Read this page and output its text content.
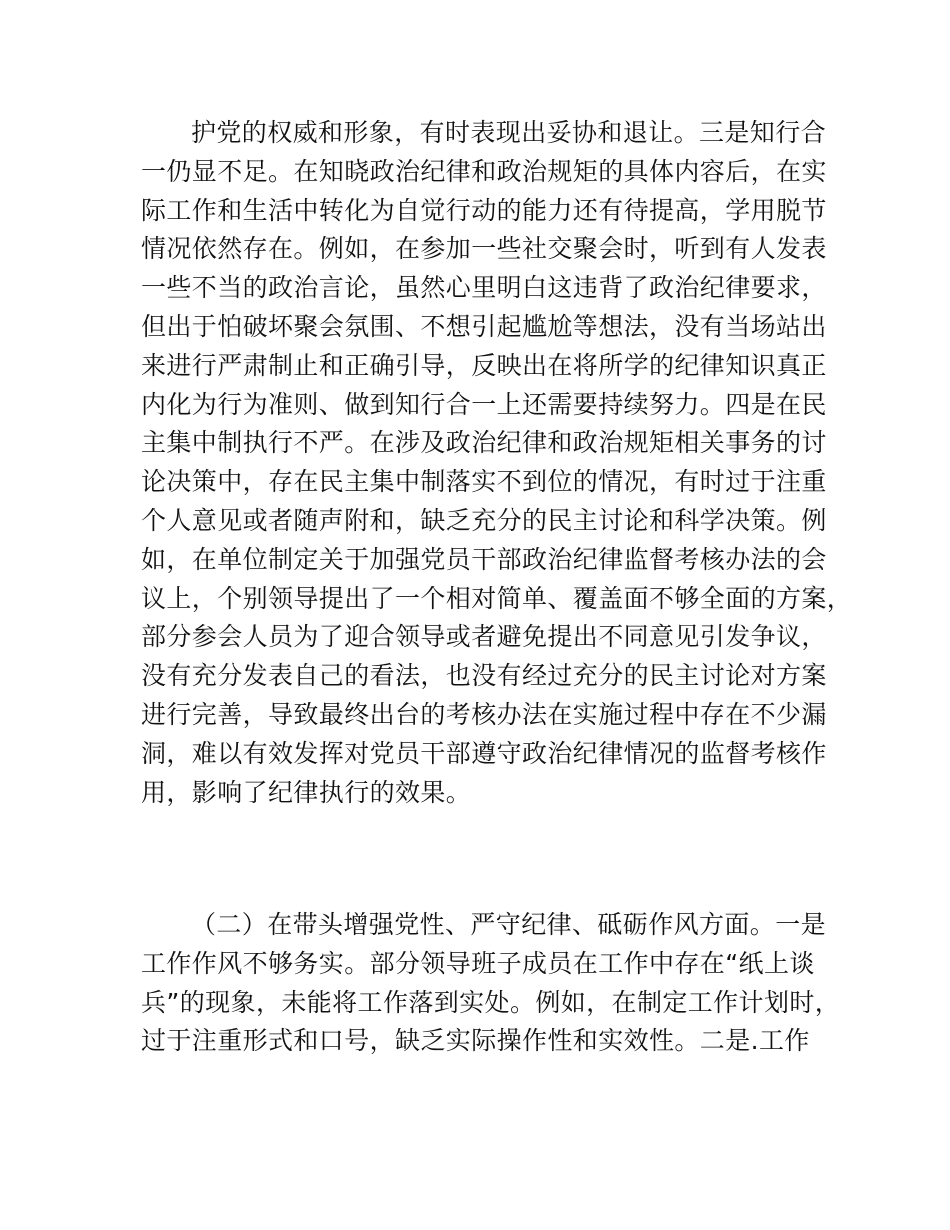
护党的权威和形象，有时表现出妥协和退让。三是知行合
一仍显不足。在知晓政治纪律和政治规矩的具体内容后，在实
际工作和生活中转化为自觉行动的能力还有待提高，学用脱节
情况依然存在。例如，在参加一些社交聚会时，听到有人发表
一些不当的政治言论，虽然心里明白这违背了政治纪律要求，
但出于怕破坏聚会氛围、不想引起尴尬等想法，没有当场站出
来进行严肃制止和正确引导，反映出在将所学的纪律知识真正
内化为行为准则、做到知行合一上还需要持续努力。四是在民
主集中制执行不严。在涉及政治纪律和政治规矩相关事务的讨
论决策中，存在民主集中制落实不到位的情况，有时过于注重
个人意见或者随声附和，缺乏充分的民主讨论和科学决策。例
如，在单位制定关于加强党员干部政治纪律监督考核办法的会
议上，个别领导提出了一个相对简单、覆盖面不够全面的方案，
部分参会人员为了迎合领导或者避免提出不同意见引发争议，
没有充分发表自己的看法，也没有经过充分的民主讨论对方案
进行完善，导致最终出台的考核办法在实施过程中存在不少漏
洞，难以有效发挥对党员干部遵守政治纪律情况的监督考核作
用，影响了纪律执行的效果。
（二）在带头增强党性、严守纪律、砥砺作风方面。一是
工作作风不够务实。部分领导班子成员在工作中存在“纸上谈
兵”的现象，未能将工作落到实处。例如，在制定工作计划时，
过于注重形式和口号，缺乏实际操作性和实效性。二是.工作
